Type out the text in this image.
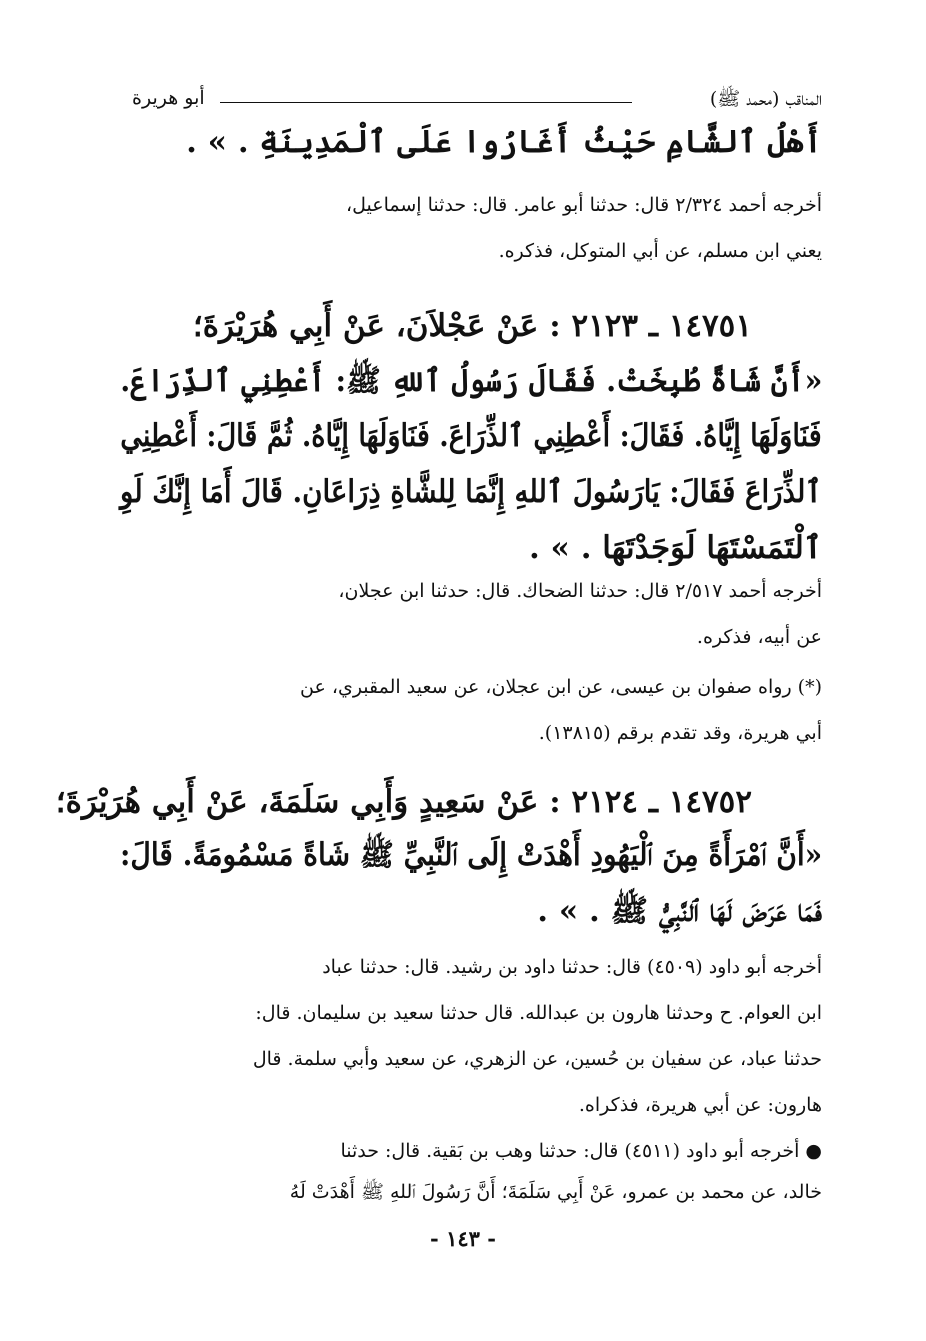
المناقب (محمد ﷺ)
أبو هريرة
أَهْلُ ٱلشَّامِ حَيْثُ أَغَارُوا عَلَى ٱلْمَدِينَةِ . » .
أخرجه أحمد ٢/٣٢٤ قال: حدثنا أبو عامر. قال: حدثنا إسماعيل،
يعني ابن مسلم، عن أبي المتوكل، فذكره.
١٤٧٥١ ـ ٢١٢٣ : عَنْ عَجْلاَنَ، عَنْ أَبِي هُرَيْرَةَ؛
«أَنَّ شَاةً طُبِخَتْ. فَقَالَ رَسُولُ ٱللهِ ﷺ: أَعْطِنِي ٱلذِّرَاعَ.
فَنَاوَلَهَا إِيَّاهُ. فَقَالَ: أَعْطِنِي ٱلذِّرَاعَ. فَنَاوَلَهَا إِيَّاهُ. ثُمَّ قَالَ: أَعْطِنِي
ٱلذِّرَاعَ فَقَالَ: يَارَسُولَ ٱللهِ إِنَّمَا لِلشَّاةِ ذِرَاعَانِ. قَالَ أَمَا إِنَّكَ لَوِ
ٱلْتَمَسْتَهَا لَوَجَدْتَهَا . » .
أخرجه أحمد ٢/٥١٧ قال: حدثنا الضحاك. قال: حدثنا ابن عجلان،
عن أبيه، فذكره.
(*) رواه صفوان بن عيسى، عن ابن عجلان، عن سعيد المقبري، عن
أبي هريرة، وقد تقدم برقم (١٣٨١٥).
١٤٧٥٢ ـ ٢١٢٤ : عَنْ سَعِيدٍ وَأَبِي سَلَمَةَ، عَنْ أَبِي هُرَيْرَةَ؛
«أَنَّ ٱمْرَأَةً مِنَ ٱلْيَهُودِ أَهْدَتْ إِلَى ٱلنَّبِيِّ ﷺ شَاةً مَسْمُومَةً. قَالَ:
فَمَا عَرَضَ لَهَا ٱلنَّبِيُّ ﷺ . » .
أخرجه أبو داود (٤٥٠٩) قال: حدثنا داود بن رشيد. قال: حدثنا عباد
ابن العوام. ح وحدثنا هارون بن عبدالله. قال حدثنا سعيد بن سليمان. قال:
حدثنا عباد، عن سفيان بن حُسين، عن الزهري، عن سعيد وأبي سلمة. قال
هارون: عن أبي هريرة، فذكراه.
● أخرجه أبو داود (٤٥١١) قال: حدثنا وهب بن بَقية. قال: حدثنا
خالد، عن محمد بن عمرو، عَنْ أَبِي سَلَمَةَ؛ أَنَّ رَسُولَ ٱللهِ ﷺ أَهْدَتْ لَهُ
- ١٤٣ -
